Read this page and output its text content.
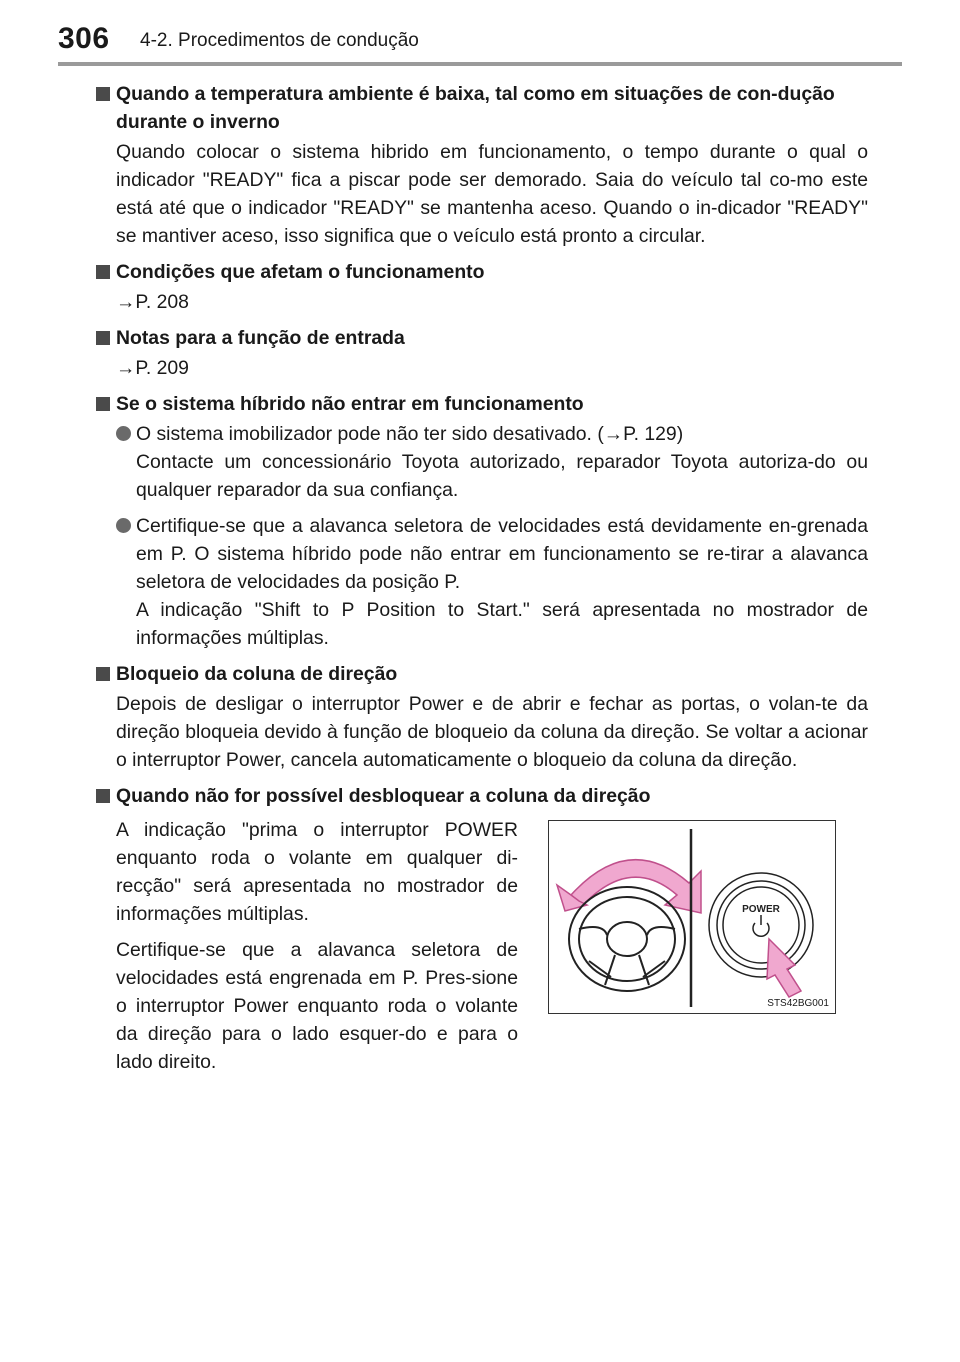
306 4-2. Procedimentos de condução
Quando a temperatura ambiente é baixa, tal como em situações de con-dução durante o inverno
Quando colocar o sistema hibrido em funcionamento, o tempo durante o qual o indicador "READY" fica a piscar pode ser demorado. Saia do veículo tal co-mo este está até que o indicador "READY" se mantenha aceso. Quando o in-dicador "READY" se mantiver aceso, isso significa que o veículo está pronto a circular.
Condições que afetam o funcionamento
→P. 208
Notas para a função de entrada
→P. 209
Se o sistema híbrido não entrar em funcionamento
O sistema imobilizador pode não ter sido desativado. (→P. 129)
Contacte um concessionário Toyota autorizado, reparador Toyota autoriza-do ou qualquer reparador da sua confiança.
Certifique-se que a alavanca seletora de velocidades está devidamente en-grenada em P. O sistema híbrido pode não entrar em funcionamento se re-tirar a alavanca seletora de velocidades da posição P.
A indicação "Shift to P Position to Start." será apresentada no mostrador de informações múltiplas.
Bloqueio da coluna de direção
Depois de desligar o interruptor Power e de abrir e fechar as portas, o volan-te da direção bloqueia devido à função de bloqueio da coluna da direção. Se voltar a acionar o interruptor Power, cancela automaticamente o bloqueio da coluna da direção.
Quando não for possível desbloquear a coluna da direção

A indicação "prima o interruptor POWER enquanto roda o volante em qualquer di-recção" será apresentada no mostrador de informações múltiplas.

Certifique-se que a alavanca seletora de velocidades está engrenada em P. Pres-sione o interruptor Power enquanto roda o volante da direção para o lado esquer-do e para o lado direito.

POWER
STS42BG001
